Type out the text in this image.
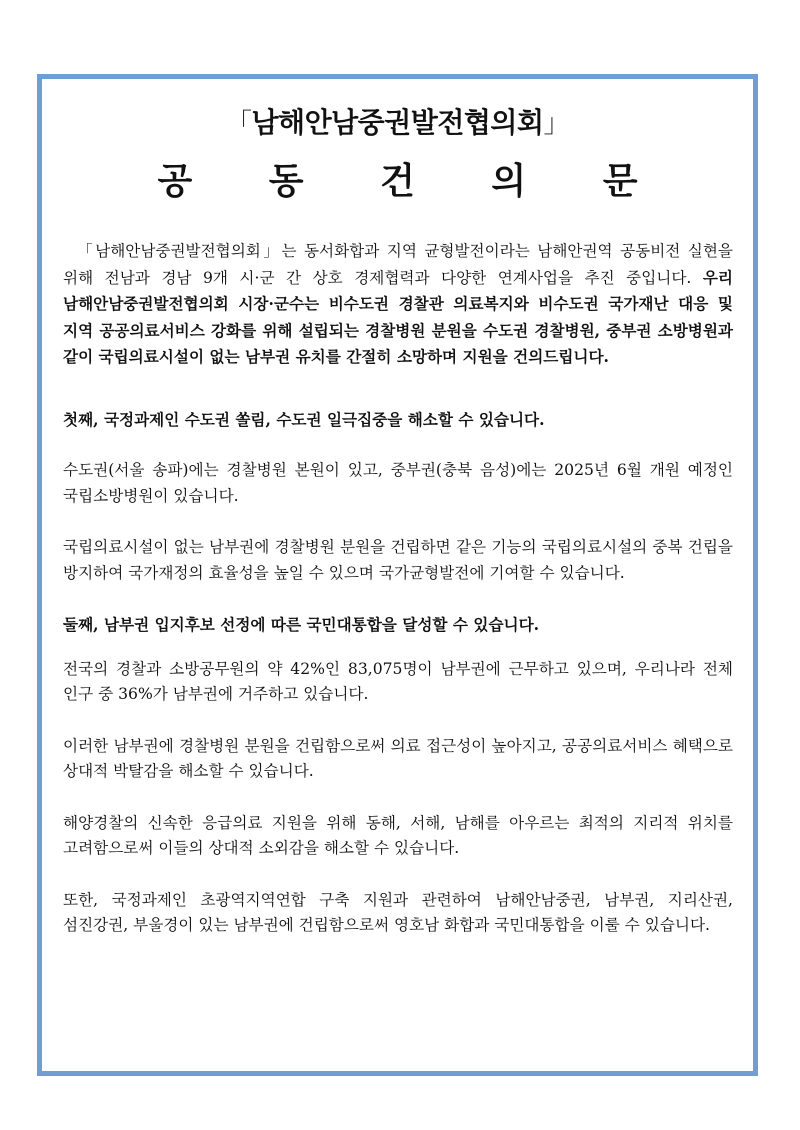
「남해안남중권발전협의회」
공 동 건 의 문

「남해안남중권발전협의회」는 동서화합과 지역 균형발전이라는 남해안권역 공동비전 실현을 위해 전남과 경남 9개 시·군 간 상호 경제협력과 다양한 연계사업을 추진 중입니다. 우리 남해안남중권발전협의회 시장·군수는 비수도권 경찰관 의료복지와 비수도권 국가재난 대응 및 지역 공공의료서비스 강화를 위해 설립되는 경찰병원 분원을 수도권 경찰병원, 중부권 소방병원과 같이 국립의료시설이 없는 남부권 유치를 간절히 소망하며 지원을 건의드립니다.

첫째, 국정과제인 수도권 쏠림, 수도권 일극집중을 해소할 수 있습니다.

수도권(서울 송파)에는 경찰병원 본원이 있고, 중부권(충북 음성)에는 2025년 6월 개원 예정인 국립소방병원이 있습니다.

국립의료시설이 없는 남부권에 경찰병원 분원을 건립하면 같은 기능의 국립의료시설의 중복 건립을 방지하여 국가재정의 효율성을 높일 수 있으며 국가균형발전에 기여할 수 있습니다.

둘째, 남부권 입지후보 선정에 따른 국민대통합을 달성할 수 있습니다.

전국의 경찰과 소방공무원의 약 42%인 83,075명이 남부권에 근무하고 있으며, 우리나라 전체 인구 중 36%가 남부권에 거주하고 있습니다.

이러한 남부권에 경찰병원 분원을 건립함으로써 의료 접근성이 높아지고, 공공의료서비스 혜택으로 상대적 박탈감을 해소할 수 있습니다.

해양경찰의 신속한 응급의료 지원을 위해 동해, 서해, 남해를 아우르는 최적의 지리적 위치를 고려함으로써 이들의 상대적 소외감을 해소할 수 있습니다.

또한, 국정과제인 초광역지역연합 구축 지원과 관련하여 남해안남중권, 남부권, 지리산권, 섬진강권, 부울경이 있는 남부권에 건립함으로써 영호남 화합과 국민대통합을 이룰 수 있습니다.
